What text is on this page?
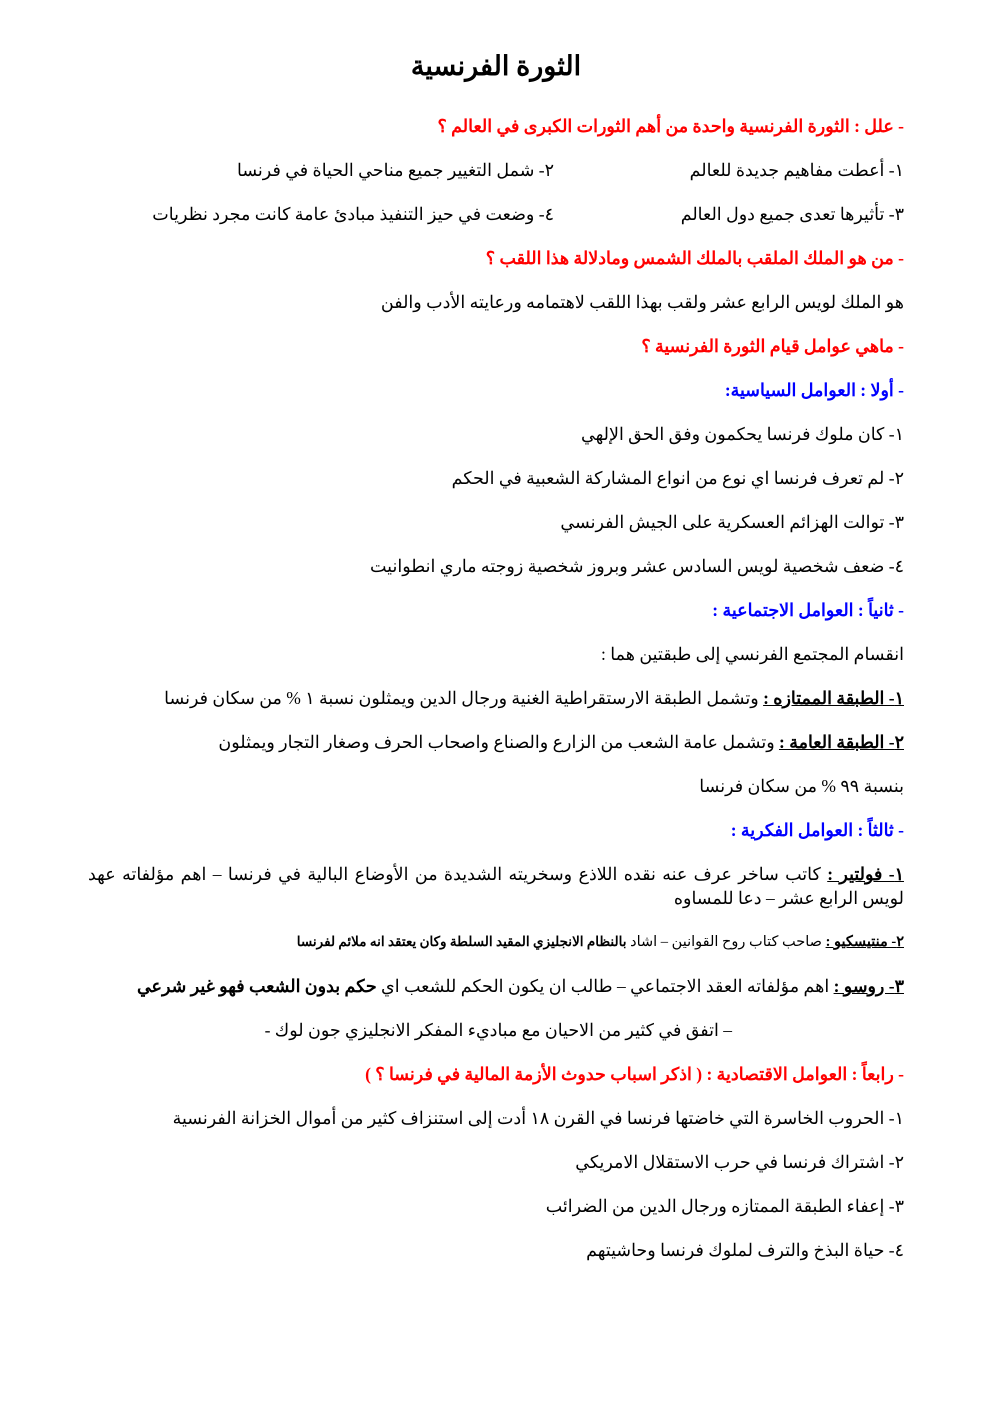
الثورة الفرنسية
- علل : الثورة الفرنسية واحدة من أهم الثورات الكبرى في العالم ؟
١- أعطت مفاهيم جديدة للعالم
٢- شمل التغيير جميع مناحي الحياة في فرنسا
٣- تأثيرها تعدى جميع دول العالم
٤- وضعت في حيز التنفيذ مبادئ عامة كانت مجرد نظريات
- من هو الملك الملقب بالملك الشمس ومادلالة هذا اللقب ؟
هو الملك لويس الرابع عشر ولقب بهذا اللقب لاهتمامه ورعايته الأدب والفن
- ماهي عوامل قيام الثورة الفرنسية ؟
- أولا : العوامل السياسية:
١- كان ملوك فرنسا يحكمون وفق الحق الإلهي
٢- لم تعرف فرنسا اي نوع من انواع المشاركة الشعبية في الحكم
٣- توالت الهزائم العسكرية على الجيش الفرنسي
٤- ضعف شخصية لويس السادس عشر وبروز شخصية زوجته ماري انطوانيت
- ثانياً : العوامل الاجتماعية :
انقسام المجتمع الفرنسي إلى طبقتين هما :
١- الطبقة الممتازه : وتشمل الطبقة الارستقراطية الغنية ورجال الدين ويمثلون نسبة ١ % من سكان فرنسا
٢- الطبقة العامة : وتشمل عامة الشعب من الزارع والصناع واصحاب الحرف وصغار التجار ويمثلون
بنسبة ٩٩ % من سكان فرنسا
- ثالثاً : العوامل الفكرية :
١- فولتير : كاتب ساخر عرف عنه نقده اللاذع وسخريته الشديدة من الأوضاع البالية في فرنسا – اهم مؤلفاته عهد لويس الرابع عشر – دعا للمساوه
٢- منتيسكيو : صاحب كتاب روح القوانين – اشاد بالنظام الانجليزي المقيد السلطة وكان يعتقد انه ملائم لفرنسا
٣- روسو : اهم مؤلفاته العقد الاجتماعي – طالب ان يكون الحكم للشعب اي حكم بدون الشعب فهو غير شرعي
– اتفق في كثير من الاحيان مع مباديء المفكر الانجليزي جون لوك -
- رابعاً : العوامل الاقتصادية : ( اذكر اسباب حدوث الأزمة المالية في فرنسا ؟ )
١- الحروب الخاسرة التي خاضتها فرنسا في القرن ١٨ أدت إلى استنزاف كثير من أموال الخزانة الفرنسية
٢- اشتراك فرنسا في حرب الاستقلال الامريكي
٣- إعفاء الطبقة الممتازه ورجال الدين من الضرائب
٤- حياة البذخ والترف لملوك فرنسا وحاشيتهم
